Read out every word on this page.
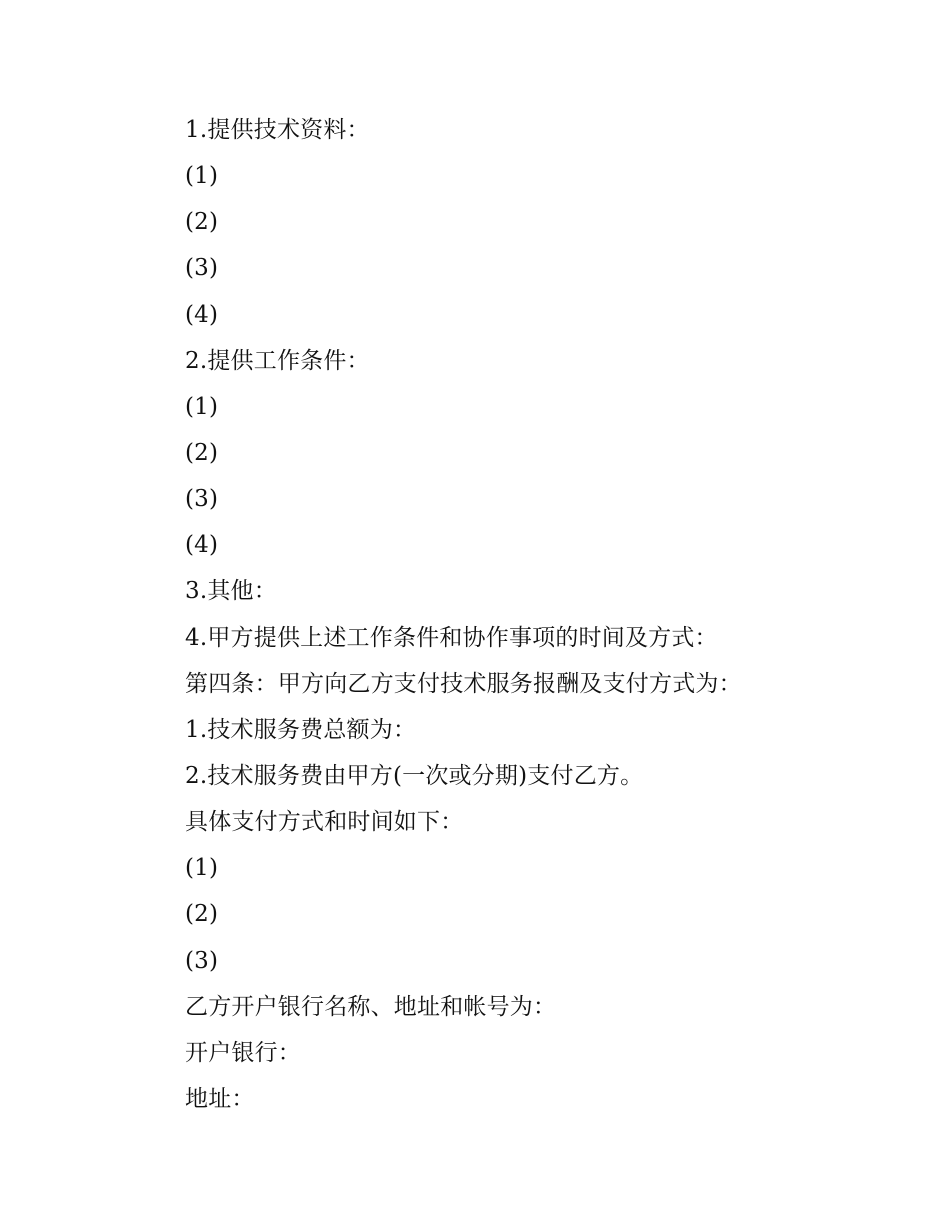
1.提供技术资料：
(1)
(2)
(3)
(4)
2.提供工作条件：
(1)
(2)
(3)
(4)
3.其他：
4.甲方提供上述工作条件和协作事项的时间及方式：
第四条：甲方向乙方支付技术服务报酬及支付方式为：
1.技术服务费总额为：
2.技术服务费由甲方(一次或分期)支付乙方。
具体支付方式和时间如下：
(1)
(2)
(3)
乙方开户银行名称、地址和帐号为：
开户银行：
地址：
